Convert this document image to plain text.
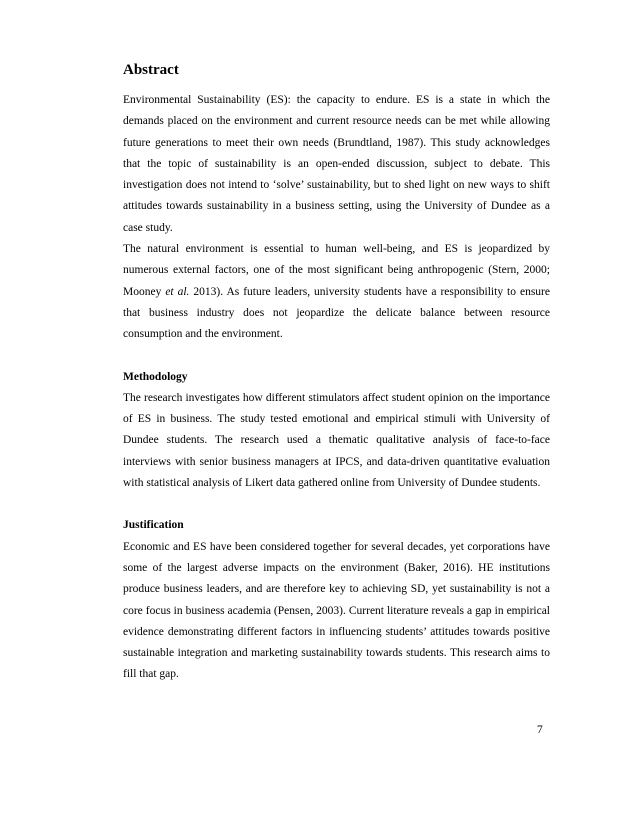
Abstract

Environmental Sustainability (ES): the capacity to endure. ES is a state in which the demands placed on the environment and current resource needs can be met while allowing future generations to meet their own needs (Brundtland, 1987). This study acknowledges that the topic of sustainability is an open-ended discussion, subject to debate. This investigation does not intend to ‘solve’ sustainability, but to shed light on new ways to shift attitudes towards sustainability in a business setting, using the University of Dundee as a case study.

The natural environment is essential to human well-being, and ES is jeopardized by numerous external factors, one of the most significant being anthropogenic (Stern, 2000; Mooney et al. 2013). As future leaders, university students have a responsibility to ensure that business industry does not jeopardize the delicate balance between resource consumption and the environment.

Methodology

The research investigates how different stimulators affect student opinion on the importance of ES in business. The study tested emotional and empirical stimuli with University of Dundee students. The research used a thematic qualitative analysis of face-to-face interviews with senior business managers at IPCS, and data-driven quantitative evaluation with statistical analysis of Likert data gathered online from University of Dundee students.

Justification

Economic and ES have been considered together for several decades, yet corporations have some of the largest adverse impacts on the environment (Baker, 2016). HE institutions produce business leaders, and are therefore key to achieving SD, yet sustainability is not a core focus in business academia (Pensen, 2003). Current literature reveals a gap in empirical evidence demonstrating different factors in influencing students’ attitudes towards positive sustainable integration and marketing sustainability towards students. This research aims to fill that gap.

7
